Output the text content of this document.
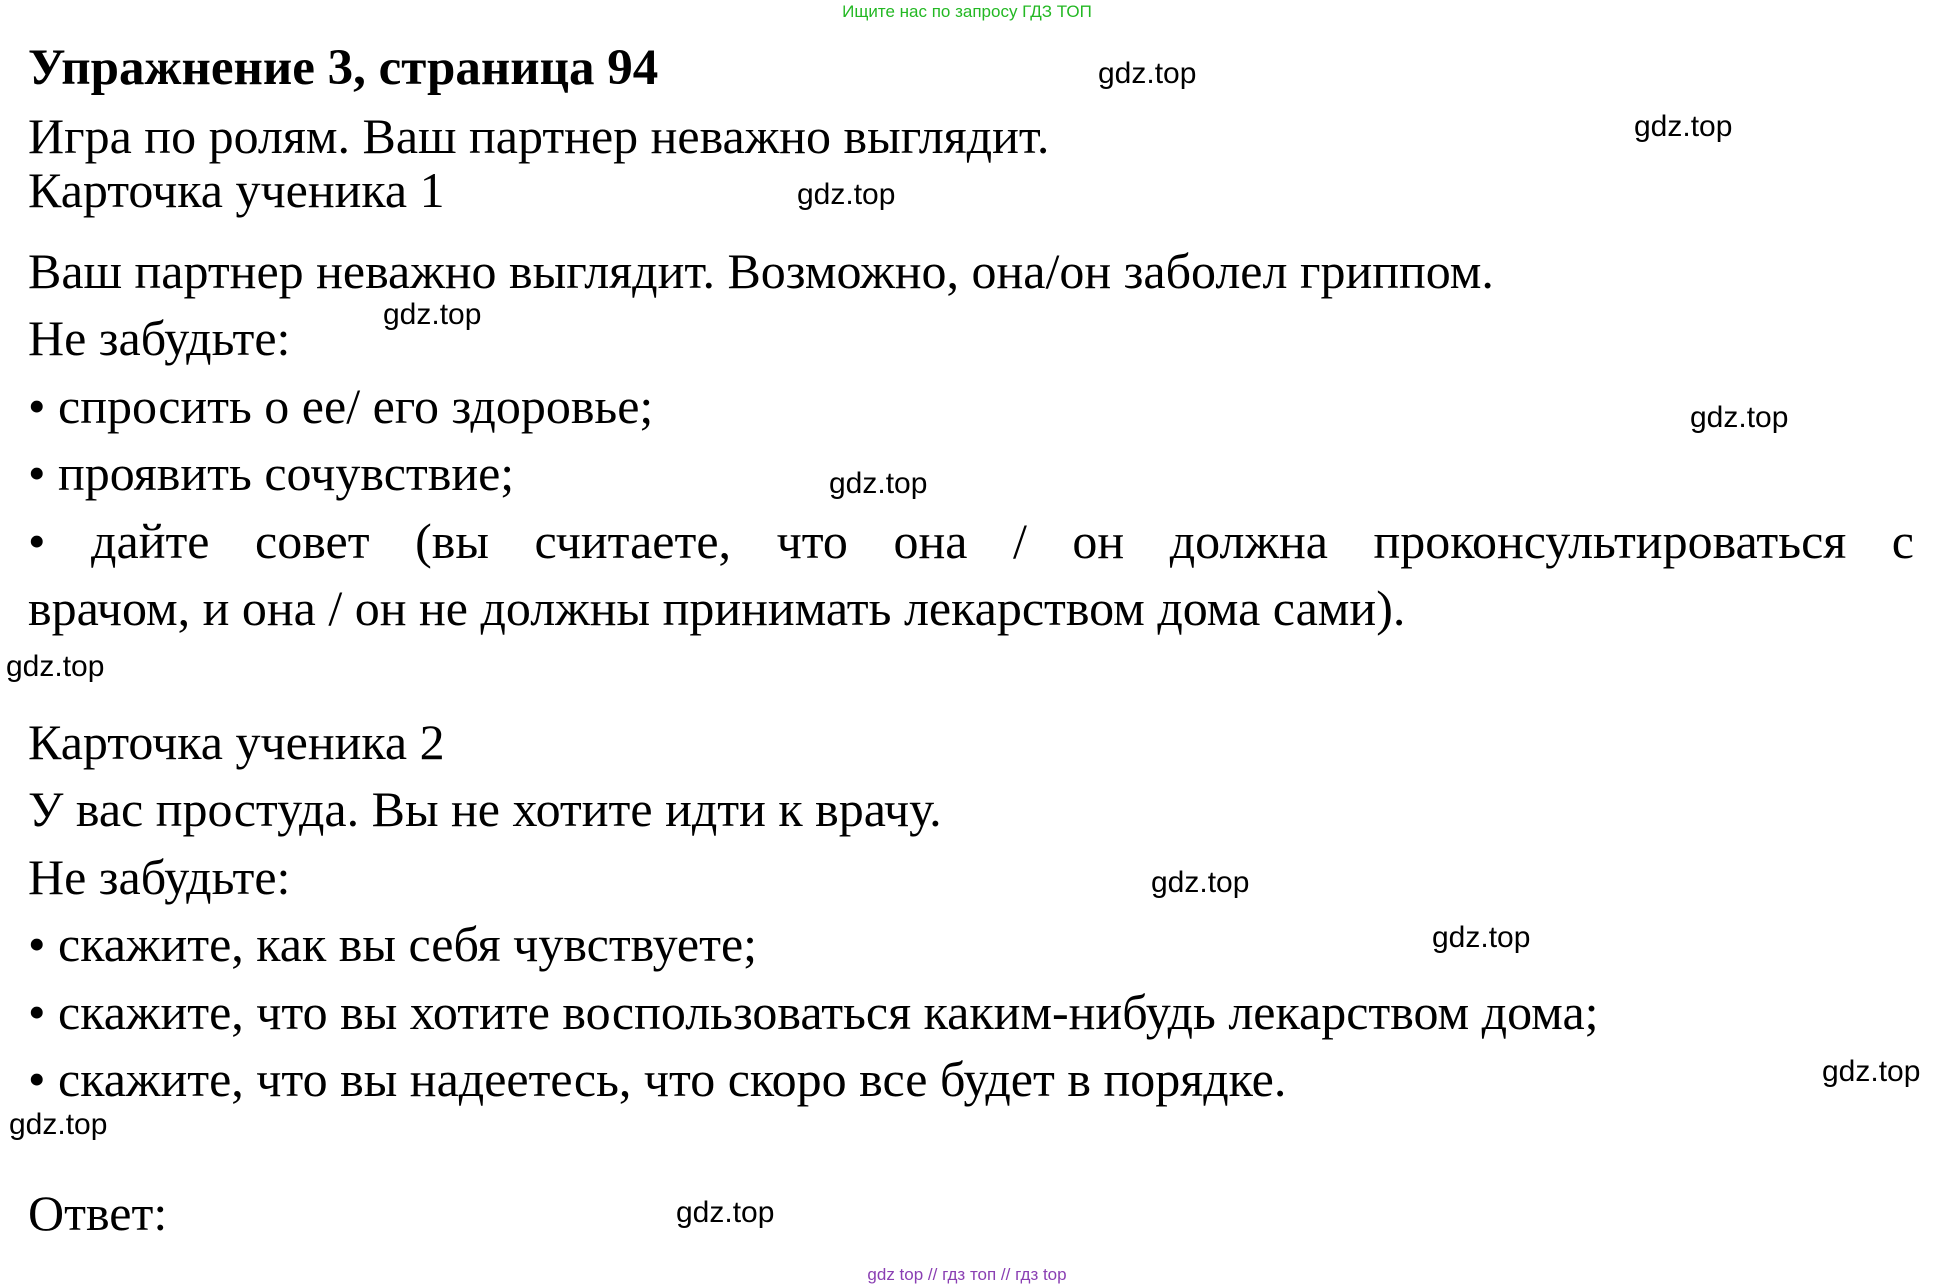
Ищите нас по запросу ГДЗ ТОП
Упражнение 3, страница 94
Игра по ролям. Ваш партнер неважно выглядит.
Карточка ученика 1
Ваш партнер неважно выглядит. Возможно, она/он заболел гриппом.
Не забудьте:
• спросить о ее/ его здоровье;
• проявить сочувствие;
• дайте совет (вы считаете, что она / он должна проконсультироваться с
врачом, и она / он не должны принимать лекарством дома сами).
Карточка ученика 2
У вас простуда. Вы не хотите идти к врачу.
Не забудьте:
• скажите, как вы себя чувствуете;
• скажите, что вы хотите воспользоваться каким-нибудь лекарством дома;
• скажите, что вы надеетесь, что скоро все будет в порядке.
Ответ:
gdz.top
gdz.top
gdz.top
gdz.top
gdz.top
gdz.top
gdz.top
gdz.top
gdz.top
gdz.top
gdz.top
gdz.top
gdz top // гдз топ // гдз top
